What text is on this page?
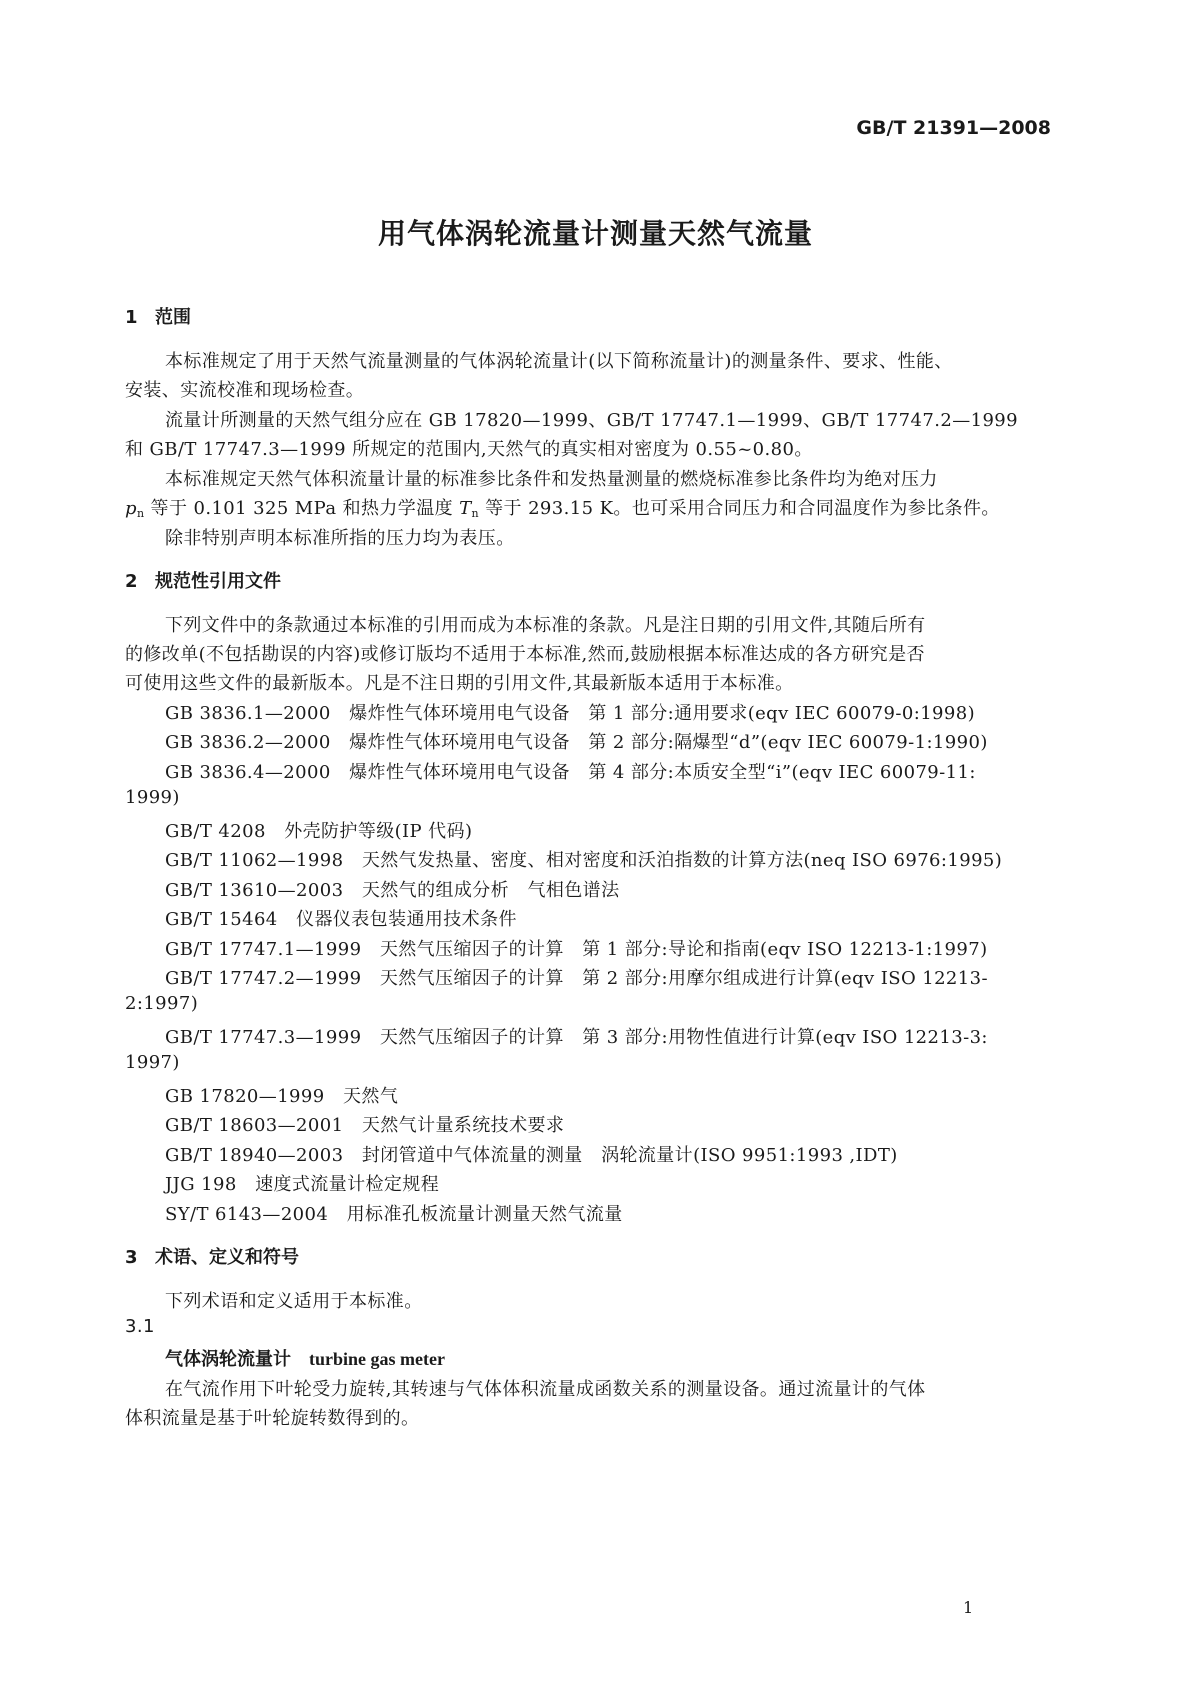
GB/T 21391—2008
用气体涡轮流量计测量天然气流量
1 范围
本标准规定了用于天然气流量测量的气体涡轮流量计(以下简称流量计)的测量条件、要求、性能、
安装、实流校准和现场检查。
流量计所测量的天然气组分应在 GB 17820—1999、GB/T 17747.1—1999、GB/T 17747.2—1999
和 GB/T 17747.3—1999 所规定的范围内,天然气的真实相对密度为 0.55~0.80。
本标准规定天然气体积流量计量的标准参比条件和发热量测量的燃烧标准参比条件均为绝对压力
$p_n$ 等于 0.101 325 MPa 和热力学温度 $T_n$ 等于 293.15 K。也可采用合同压力和合同温度作为参比条件。
除非特别声明本标准所指的压力均为表压。
2 规范性引用文件
下列文件中的条款通过本标准的引用而成为本标准的条款。凡是注日期的引用文件,其随后所有
的修改单(不包括勘误的内容)或修订版均不适用于本标准,然而,鼓励根据本标准达成的各方研究是否
可使用这些文件的最新版本。凡是不注日期的引用文件,其最新版本适用于本标准。
GB 3836.1—2000　 爆炸性气体环境用电气设备　第 1 部分:通用要求(eqv IEC 60079-0:1998)
GB 3836.2—2000　 爆炸性气体环境用电气设备　第 2 部分:隔爆型“d”(eqv IEC 60079-1:1990)
GB 3836.4—2000　 爆炸性气体环境用电气设备　第 4 部分:本质安全型“i”(eqv IEC 60079-11:
1999)
GB/T 4208　 外壳防护等级(IP 代码)
GB/T 11062—1998　 天然气发热量、密度、相对密度和沃泊指数的计算方法(neq ISO 6976:1995)
GB/T 13610—2003　 天然气的组成分析　气相色谱法
GB/T 15464　 仪器仪表包装通用技术条件
GB/T 17747.1—1999　 天然气压缩因子的计算　第 1 部分:导论和指南(eqv ISO 12213-1:1997)
GB/T 17747.2—1999　 天然气压缩因子的计算　第 2 部分:用摩尔组成进行计算(eqv ISO 12213-
2:1997)
GB/T 17747.3—1999　 天然气压缩因子的计算　第 3 部分:用物性值进行计算(eqv ISO 12213-3:
1997)
GB 17820—1999　 天然气
GB/T 18603—2001　 天然气计量系统技术要求
GB/T 18940—2003　 封闭管道中气体流量的测量　涡轮流量计(ISO 9951:1993 ,IDT)
JJG 198　 速度式流量计检定规程
SY/T 6143—2004　 用标准孔板流量计测量天然气流量
3 术语、定义和符号
下列术语和定义适用于本标准。
3.1
气体涡轮流量计 turbine gas meter
在气流作用下叶轮受力旋转,其转速与气体体积流量成函数关系的测量设备。通过流量计的气体
体积流量是基于叶轮旋转数得到的。
1
